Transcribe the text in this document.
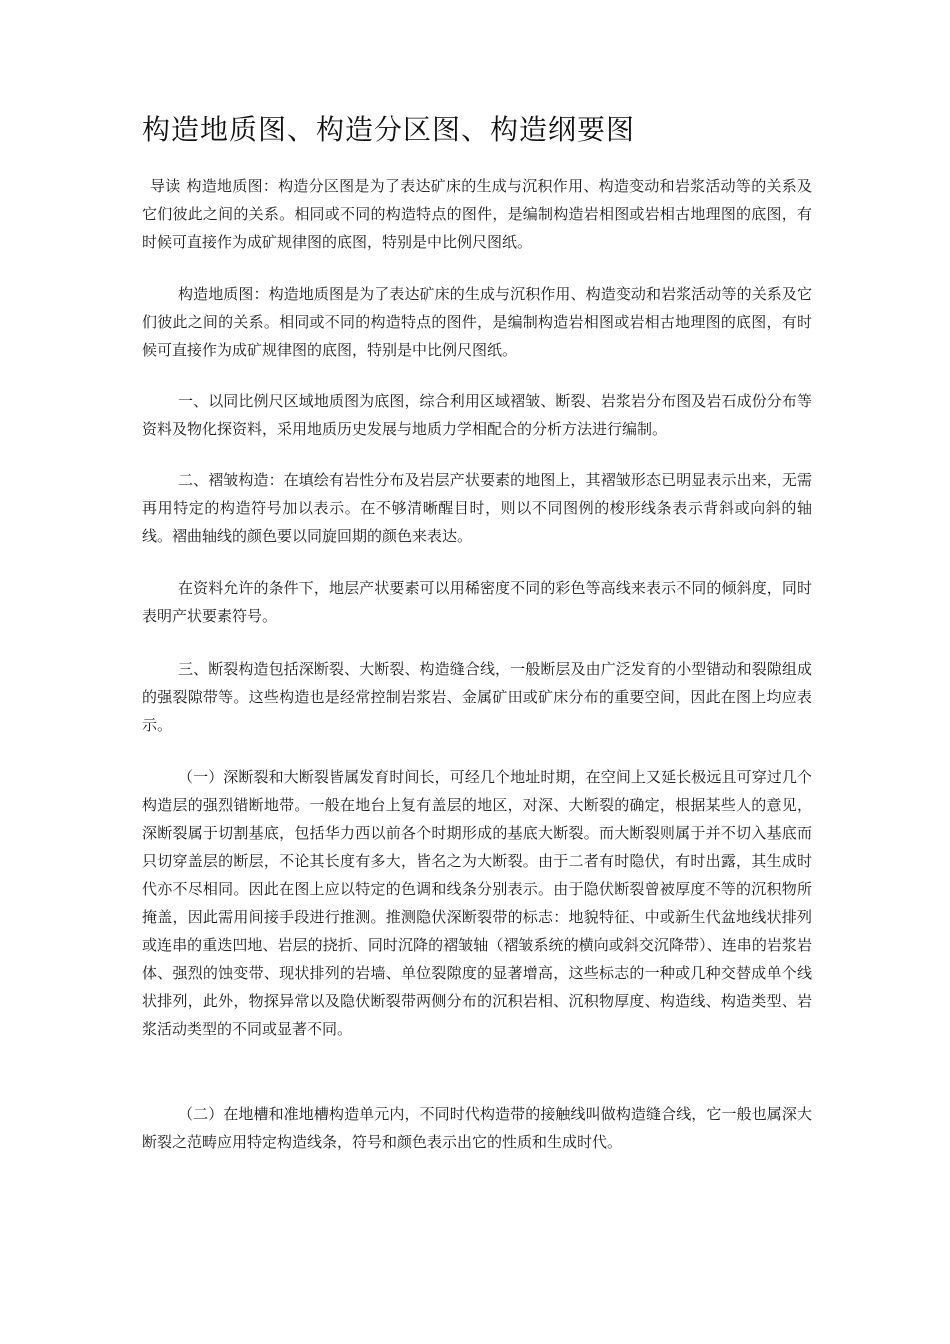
构造地质图、构造分区图、构造纲要图

导读 构造地质图：构造分区图是为了表达矿床的生成与沉积作用、构造变动和岩浆活动等的关系及它们彼此之间的关系。相同或不同的构造特点的图件，是编制构造岩相图或岩相古地理图的底图，有时候可直接作为成矿规律图的底图，特别是中比例尺图纸。

构造地质图：构造地质图是为了表达矿床的生成与沉积作用、构造变动和岩浆活动等的关系及它们彼此之间的关系。相同或不同的构造特点的图件，是编制构造岩相图或岩相古地理图的底图，有时候可直接作为成矿规律图的底图，特别是中比例尺图纸。

一、以同比例尺区域地质图为底图，综合利用区域褶皱、断裂、岩浆岩分布图及岩石成份分布等资料及物化探资料，采用地质历史发展与地质力学相配合的分析方法进行编制。

二、褶皱构造：在填绘有岩性分布及岩层产状要素的地图上，其褶皱形态已明显表示出来，无需再用特定的构造符号加以表示。在不够清晰醒目时，则以不同图例的梭形线条表示背斜或向斜的轴线。褶曲轴线的颜色要以同旋回期的颜色来表达。

在资料允许的条件下，地层产状要素可以用稀密度不同的彩色等高线来表示不同的倾斜度，同时表明产状要素符号。

三、断裂构造包括深断裂、大断裂、构造缝合线，一般断层及由广泛发育的小型错动和裂隙组成的强裂隙带等。这些构造也是经常控制岩浆岩、金属矿田或矿床分布的重要空间，因此在图上均应表示。

（一）深断裂和大断裂皆属发育时间长，可经几个地址时期，在空间上又延长极远且可穿过几个构造层的强烈错断地带。一般在地台上复有盖层的地区，对深、大断裂的确定，根据某些人的意见，深断裂属于切割基底，包括华力西以前各个时期形成的基底大断裂。而大断裂则属于并不切入基底而只切穿盖层的断层，不论其长度有多大，皆名之为大断裂。由于二者有时隐伏，有时出露，其生成时代亦不尽相同。因此在图上应以特定的色调和线条分别表示。由于隐伏断裂曾被厚度不等的沉积物所掩盖，因此需用间接手段进行推测。推测隐伏深断裂带的标志：地貌特征、中或新生代盆地线状排列或连串的重迭凹地、岩层的挠折、同时沉降的褶皱轴（褶皱系统的横向或斜交沉降带）、连串的岩浆岩体、强烈的蚀变带、现状排列的岩墙、单位裂隙度的显著增高，这些标志的一种或几种交替成单个线状排列，此外，物探异常以及隐伏断裂带两侧分布的沉积岩相、沉积物厚度、构造线、构造类型、岩浆活动类型的不同或显著不同。

（二）在地槽和准地槽构造单元内，不同时代构造带的接触线叫做构造缝合线，它一般也属深大断裂之范畴应用特定构造线条，符号和颜色表示出它的性质和生成时代。
